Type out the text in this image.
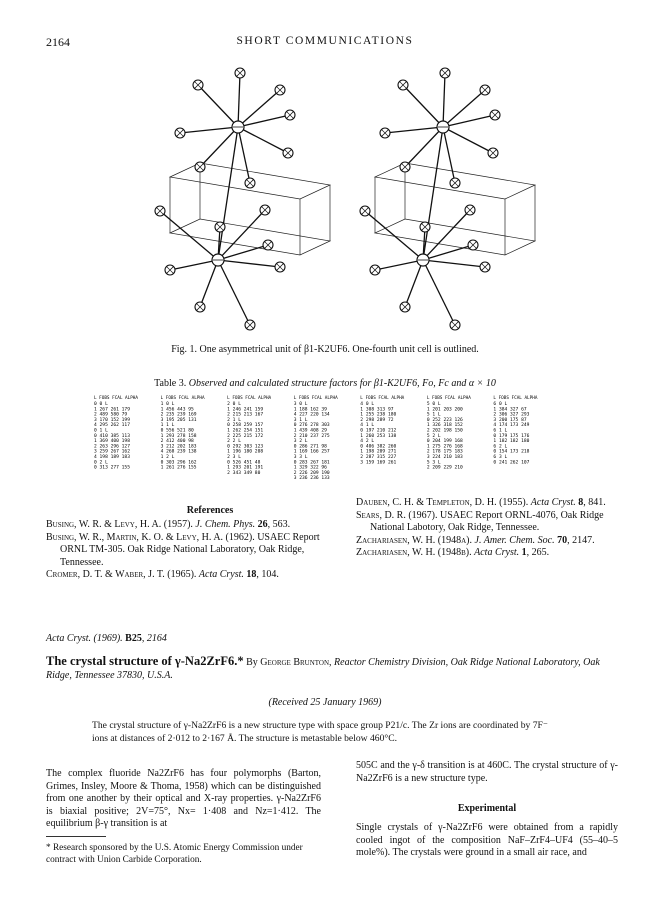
2164	SHORT COMMUNICATIONS
Fig. 1. One asymmetrical unit of β1-K2UF6. One-fourth unit cell is outlined.
Table 3. Observed and calculated structure factors for β1-K2UF6, Fo, Fc and α × 10
L FOBS FCAL ALPHA
0 0 L
1 267 261 179
2 489 580 79
3 170 152 199
4 295 262 117
0 1 L
0 410 385 113
1 369 400 198
2 263 296 127
3 259 267 162
4 198 189 183
0 2 L
0 313 277 155
L FOBS FCAL ALPHA
1 0 L
1 456 443 95
2 235 239 169
3 195 205 131
1 1 L
0 556 521 80
1 293 278 158
2 412 400 98
3 212 202 183
4 268 239 138
1 2 L
0 303 296 162
1 261 276 155
L FOBS FCAL ALPHA
2 0 L
1 246 241 159
2 215 213 167
2 1 L
0 258 259 157
1 262 254 151
2 225 215 172
2 2 L
0 292 303 123
1 196 180 208
2 3 L
0 526 451 48
1 293 201 191
2 343 349 80
L FOBS FCAL ALPHA
3 0 L
1 188 162 39
4 227 220 134
3 1 L
0 276 278 303
1 439 408 29
2 210 237 275
3 2 L
0 286 271 98
1 169 166 257
3 3 L
0 283 267 181
1 329 322 96
2 226 209 190
3 236 236 133
L FOBS FCAL ALPHA
4 0 L
1 308 313 97
1 255 238 180
2 298 289 72
4 1 L
0 197 210 212
1 260 253 138
4 2 L
0 406 382 260
1 198 209 271
2 287 315 227
3 159 169 261
L FOBS FCAL ALPHA
5 0 L
1 201 203 200
5 1 L
0 252 223 126
1 326 318 152
2 202 198 150
5 2 L
0 204 199 168
1 275 276 168
2 178 175 183
3 224 210 183
5 3 L
2 209 229 210
L FOBS FCAL ALPHA
6 0 L
1 384 327 67
2 306 327 293
3 200 175 87
4 174 173 249
6 1 L
0 179 175 176
1 182 182 180
6 2 L
0 154 173 218
6 3 L
0 241 262 107
References

Busing, W. R. & Levy, H. A. (1957). J. Chem. Phys. 26, 563.

Busing, W. R., Martin, K. O. & Levy, H. A. (1962). USAEC Report ORNL TM-305. Oak Ridge National Laboratory, Oak Ridge, Tennessee.

Cromer, D. T. & Waber, J. T. (1965). Acta Cryst. 18, 104.

Dauben, C. H. & Templeton, D. H. (1955). Acta Cryst. 8, 841.

Sears, D. R. (1967). USAEC Report ORNL-4076, Oak Ridge National Labotory, Oak Ridge, Tennessee.

Zachariasen, W. H. (1948a). J. Amer. Chem. Soc. 70, 2147.

Zachariasen, W. H. (1948b). Acta Cryst. 1, 265.

Acta Cryst. (1969). B25, 2164
The crystal structure of γ-Na2ZrF6.* By George Brunton, Reactor Chemistry Division, Oak Ridge National Laboratory, Oak Ridge, Tennessee 37830, U.S.A.
(Received 25 January 1969)
The crystal structure of γ-Na2ZrF6 is a new structure type with space group P21/c. The Zr ions are coordinated by 7F⁻ ions at distances of 2·012 to 2·167 Å. The structure is metastable below 460°C.
The complex fluoride Na2ZrF6 has four polymorphs (Barton, Grimes, Insley, Moore & Thoma, 1958) which can be distinguished from one another by their optical and X-ray properties. γ-Na2ZrF6 is biaxial positive; 2V=75°, Nx= 1·408 and Nz=1·412. The equilibrium β-γ transition is at
505C and the γ-δ transition is at 460C. The crystal structure of γ-Na2ZrF6 is a new structure type.
* Research sponsored by the U.S. Atomic Energy Commission under contract with Union Carbide Corporation.
Experimental
Single crystals of γ-Na2ZrF6 were obtained from a rapidly cooled ingot of the composition NaF–ZrF4–UF4 (55–40–5 mole%). The crystals were ground in a small air race, and
